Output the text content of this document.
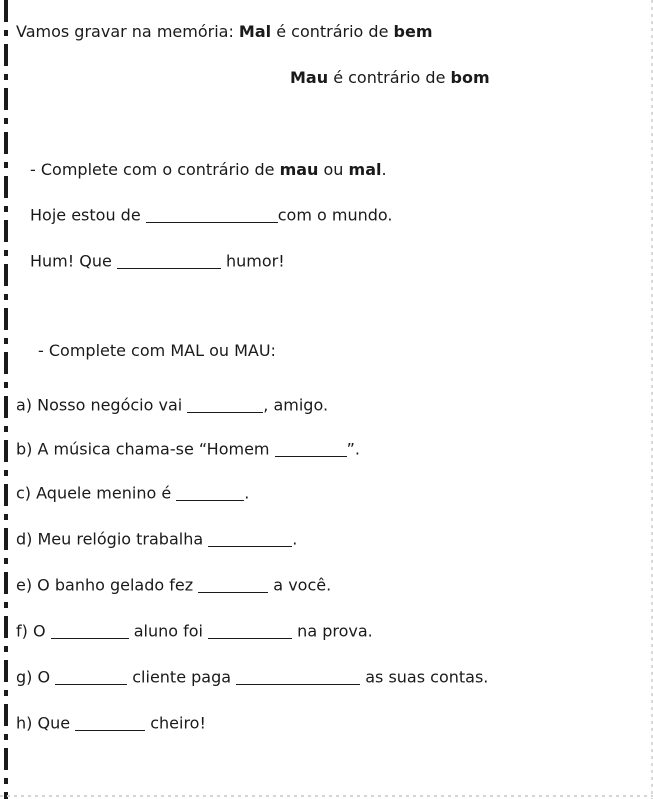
Vamos gravar na memória: Mal é contrário de bem
Mau é contrário de bom
- Complete com o contrário de mau ou mal.
Hoje estou de	com o mundo.
Hum! Que	humor!
- Complete com MAL ou MAU:
a) Nosso negócio vai	, amigo.
b) A música chama-se “Homem	”.
c) Aquele menino é	.
d) Meu relógio trabalha	.
e) O banho gelado fez	a você.
f) O	aluno foi	na prova.
g) O	cliente paga	as suas contas.
h) Que	cheiro!
